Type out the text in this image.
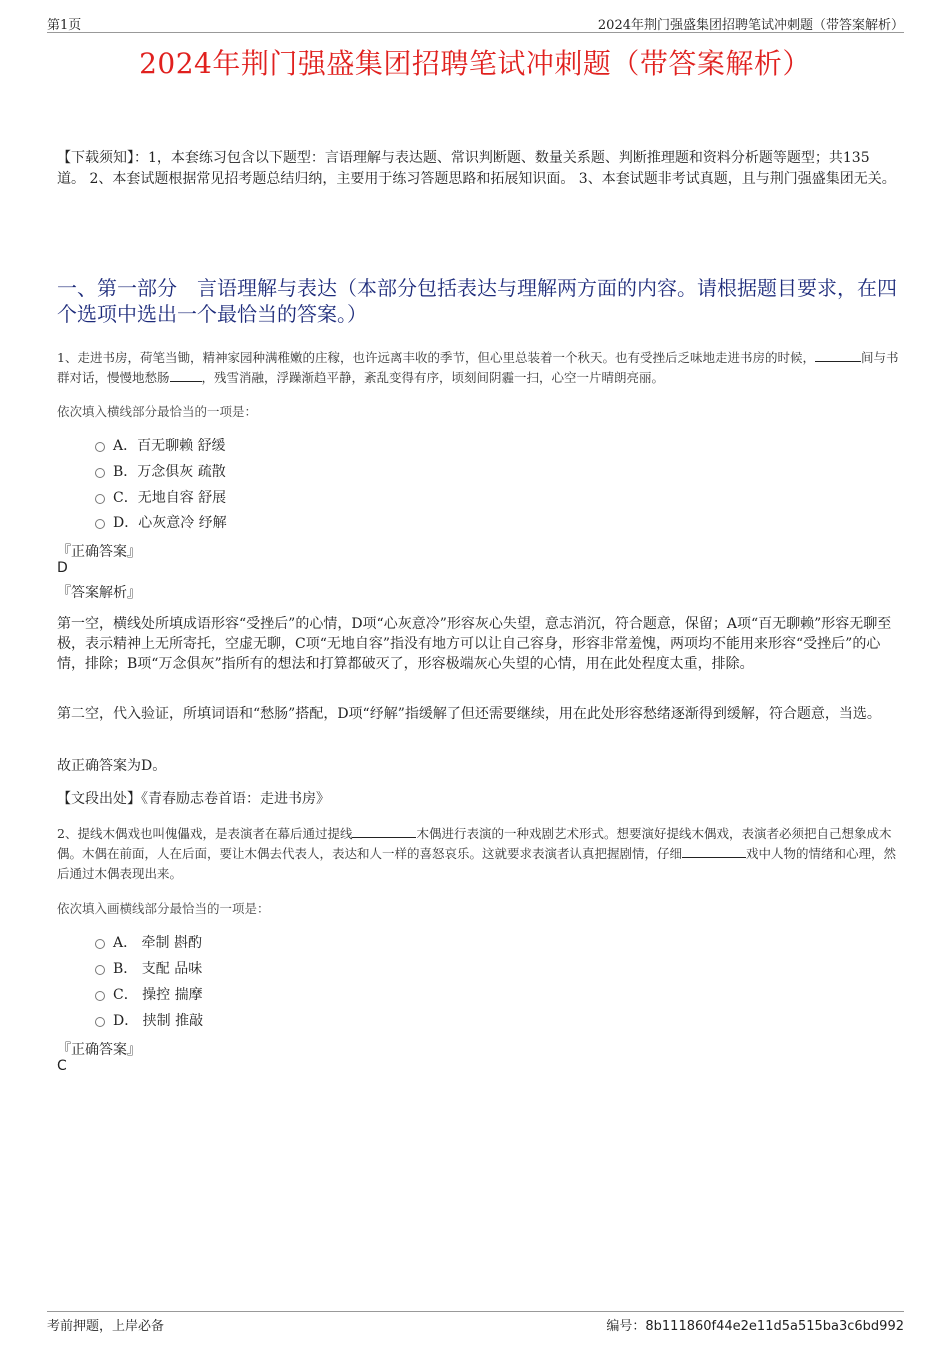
第1页	2024年荆门强盛集团招聘笔试冲刺题（带答案解析）
2024年荆门强盛集团招聘笔试冲刺题（带答案解析）
【下载须知】：1，本套练习包含以下题型：言语理解与表达题、常识判断题、数量关系题、判断推理题和资料分析题等题型；共135道。 2、本套试题根据常见招考题总结归纳，主要用于练习答题思路和拓展知识面。 3、本套试题非考试真题，且与荆门强盛集团无关。
一、第一部分　言语理解与表达（本部分包括表达与理解两方面的内容。请根据题目要求，在四个选项中选出一个最恰当的答案。）
1、走进书房，荷笔当锄，精神家园种满稚嫩的庄稼，也许远离丰收的季节，但心里总装着一个秋天。也有受挫后乏味地走进书房的时候，	间与书群对话，慢慢地愁肠	，残雪消融，浮躁渐趋平静，紊乱变得有序，顷刻间阴霾一扫，心空一片晴朗亮丽。
依次填入横线部分最恰当的一项是：
A．百无聊赖 舒缓
B．万念俱灰 疏散
C．无地自容 舒展
D．心灰意冷 纾解
『正确答案』
D
『答案解析』
第一空，横线处所填成语形容“受挫后”的心情，D项“心灰意冷”形容灰心失望，意志消沉，符合题意，保留；A项“百无聊赖”形容无聊至极，表示精神上无所寄托，空虚无聊，C项“无地自容”指没有地方可以让自己容身，形容非常羞愧，两项均不能用来形容“受挫后”的心情，排除；B项“万念俱灰”指所有的想法和打算都破灭了，形容极端灰心失望的心情，用在此处程度太重，排除。
第二空，代入验证，所填词语和“愁肠”搭配，D项“纾解”指缓解了但还需要继续，用在此处形容愁绪逐渐得到缓解，符合题意，当选。
故正确答案为D。
【文段出处】《青春励志卷首语：走进书房》
2、提线木偶戏也叫傀儡戏，是表演者在幕后通过提线	木偶进行表演的一种戏剧艺术形式。想要演好提线木偶戏，表演者必须把自己想象成木偶。木偶在前面，人在后面，要让木偶去代表人，表达和人一样的喜怒哀乐。这就要求表演者认真把握剧情，仔细	戏中人物的情绪和心理，然后通过木偶表现出来。
依次填入画横线部分最恰当的一项是：
A． 牵制 斟酌
B． 支配 品味
C． 操控 揣摩
D． 挟制 推敲
『正确答案』
C
考前押题，上岸必备	编号：8b111860f44e2e11d5a515ba3c6bd992
